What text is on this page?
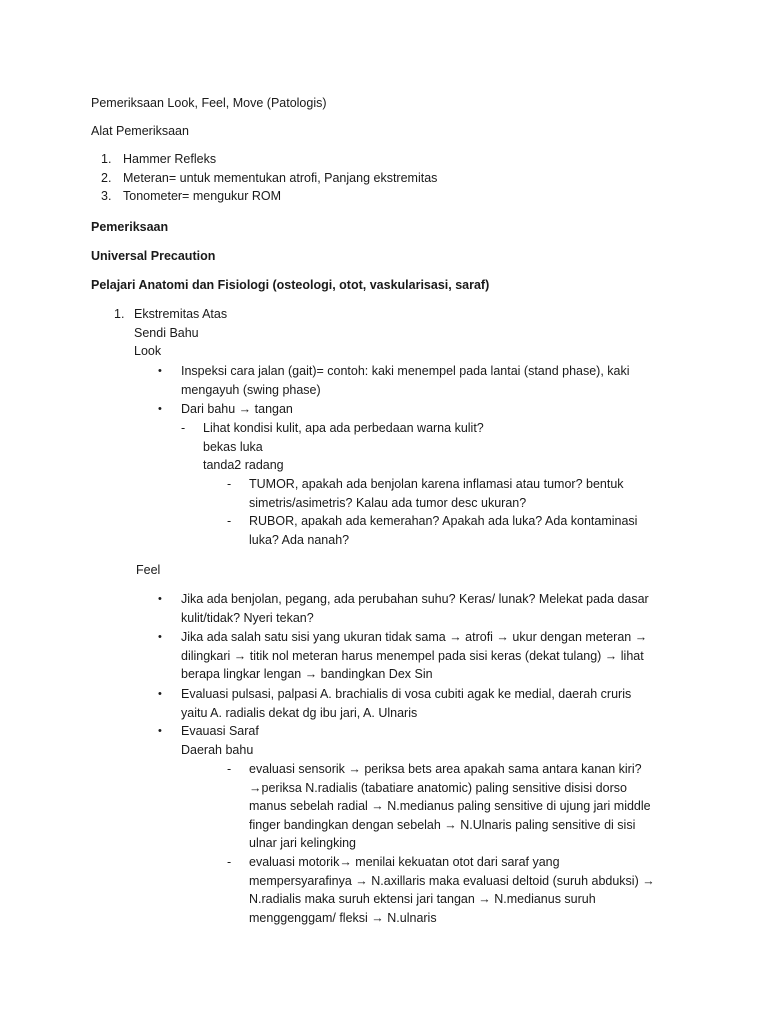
Pemeriksaan Look, Feel, Move (Patologis)
Alat Pemeriksaan
1. Hammer Refleks
2. Meteran= untuk mementukan atrofi, Panjang ekstremitas
3. Tonometer= mengukur ROM
Pemeriksaan
Universal Precaution
Pelajari Anatomi dan Fisiologi (osteologi, otot, vaskularisasi, saraf)
1. Ekstremitas Atas
Sendi Bahu
Look
•	Inspeksi cara jalan (gait)= contoh: kaki menempel pada lantai (stand phase), kaki mengayuh (swing phase)
•	Dari bahu → tangan
-	Lihat kondisi kulit, apa ada perbedaan warna kulit?
bekas luka
tanda2 radang
-	TUMOR, apakah ada benjolan karena inflamasi atau tumor? bentuk simetris/asimetris? Kalau ada tumor desc ukuran?
-	RUBOR, apakah ada kemerahan? Apakah ada luka? Ada kontaminasi luka? Ada nanah?
Feel
•	Jika ada benjolan, pegang, ada perubahan suhu? Keras/ lunak? Melekat pada dasar kulit/tidak? Nyeri tekan?
•	Jika ada salah satu sisi yang ukuran tidak sama → atrofi → ukur dengan meteran → dilingkari → titik nol meteran harus menempel pada sisi keras (dekat tulang) → lihat berapa lingkar lengan → bandingkan Dex Sin
•	Evaluasi pulsasi, palpasi A. brachialis di vosa cubiti agak ke medial, daerah cruris yaitu A. radialis dekat dg ibu jari, A. Ulnaris
•	Evauasi Saraf
Daerah bahu
-	evaluasi sensorik → periksa bets area apakah sama antara kanan kiri? →periksa N.radialis (tabatiare anatomic) paling sensitive disisi dorso manus sebelah radial → N.medianus paling sensitive di ujung jari middle finger bandingkan dengan sebelah → N.Ulnaris paling sensitive di sisi ulnar jari kelingking
-	evaluasi motorik→ menilai kekuatan otot dari saraf yang mempersyarafinya → N.axillaris maka evaluasi deltoid (suruh abduksi) → N.radialis maka suruh ektensi jari tangan → N.medianus suruh menggenggam/ fleksi → N.ulnaris
